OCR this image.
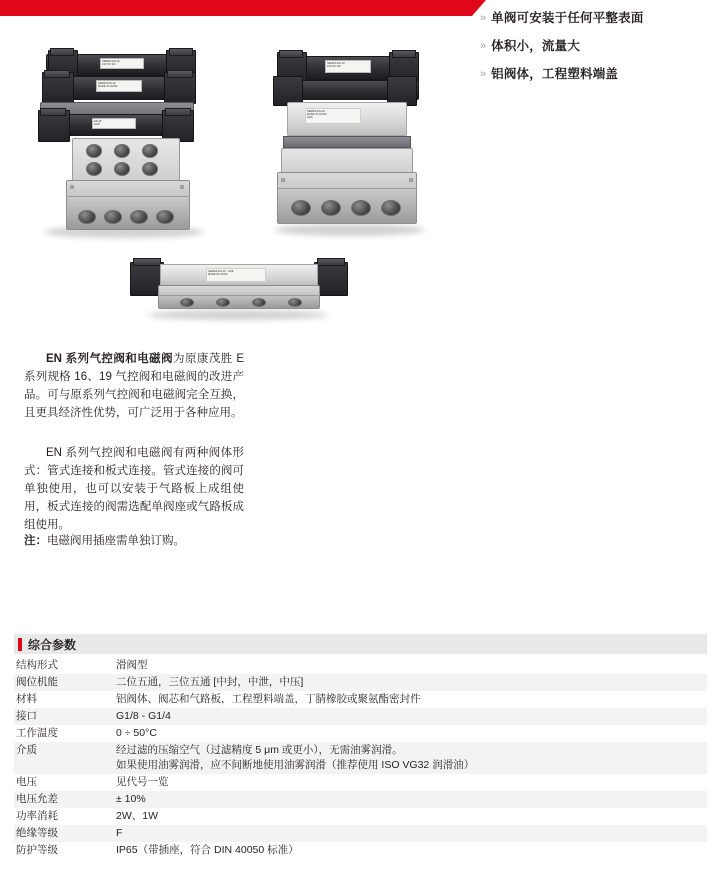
» 单阀可安装于任何平整表面
» 体积小，流量大
» 铝阀体，工程塑料端盖
SERIES EN-19
24V DC 2W
SERIES EN-19
MADE IN CHINA
EN-16
G1/8
SERIES EN-19
24V DC 2W
SERIES EN-19
MADE IN CHINA
G1/8
SERIES EN-19   G1/8
MADE IN CHINA
EN 系列气控阀和电磁阀为原康茂胜 E 系列规格 16、19 气控阀和电磁阀的改进产品。可与原系列气控阀和电磁阀完全互换，且更具经济性优势，可广泛用于各种应用。
EN 系列气控阀和电磁阀有两种阀体形式：管式连接和板式连接。管式连接的阀可单独使用，也可以安装于气路板上成组使用，板式连接的阀需选配单阀座或气路板成组使用。
注：电磁阀用插座需单独订购。
综合参数
结构形式	滑阀型
阀位机能	二位五通，三位五通 [中封，中泄，中压]
材料	铝阀体、阀芯和气路板，工程塑料端盖，丁腈橡胶或聚氨酯密封件
接口	G1/8 - G1/4
工作温度	0 ÷ 50°C
介质	经过滤的压缩空气（过滤精度 5 μm 或更小），无需油雾润滑。
如果使用油雾润滑，应不间断地使用油雾润滑（推荐使用 ISO VG32 润滑油）

电压	见代号一览
电压允差	± 10%
功率消耗	2W、1W
绝缘等级	F
防护等级	IP65（带插座，符合 DIN 40050 标准）
